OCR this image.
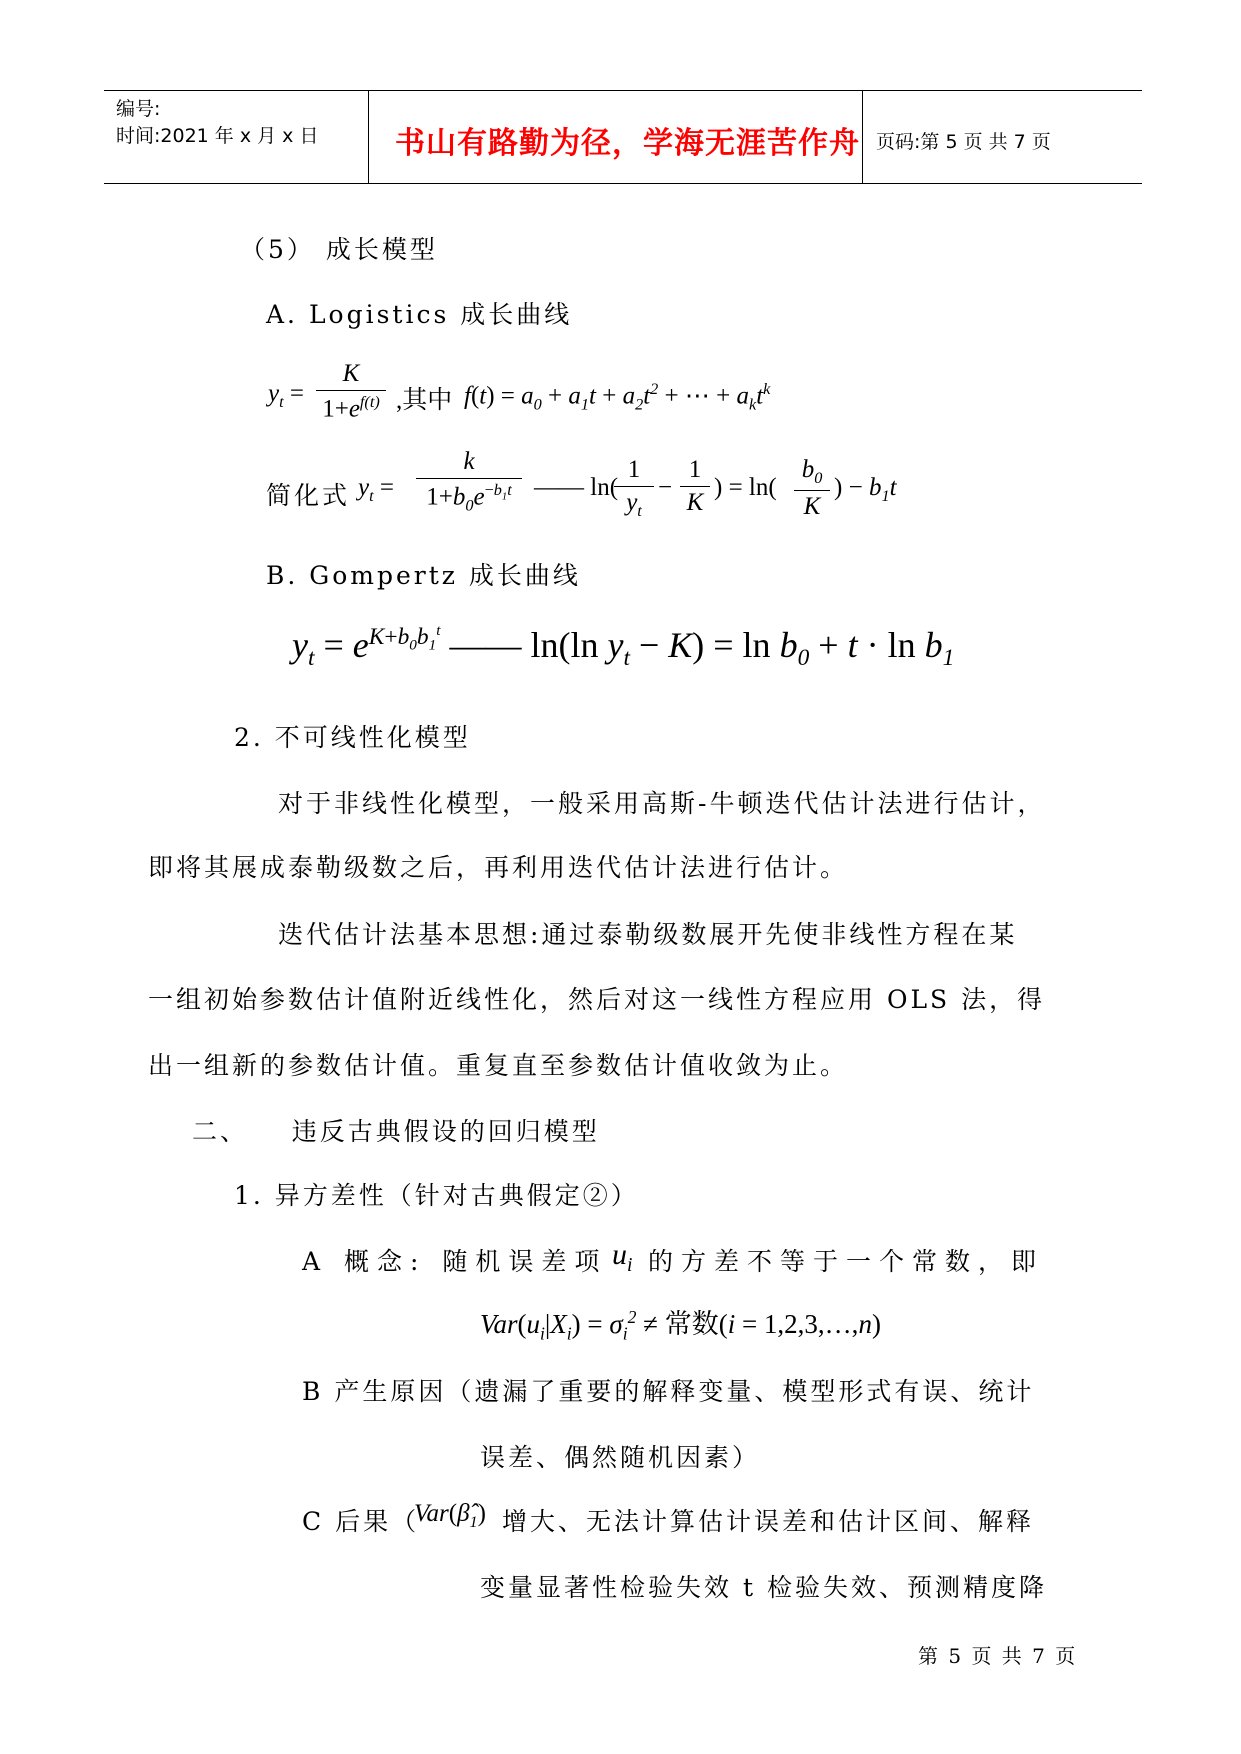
编号:
时间:2021 年 x 月 x 日	书山有路勤为径，学海无涯苦作舟 页码:第 5 页 共 7 页
（5） 成长模型
A. Logistics 成长曲线
$y_t$ =
K
$1+e^{f(t)}$ ,其中 $f(t) = a_0 + a_1t + a_2t^2$ + ⋯ + $a_kt^k$
简化式 $y_t$ =
k
$1+b_0e^{-b_1t}$ —— ln(
1
$y_t$
−
1
K
) = ln(
$b_0$
K
) − $b_1t$
B. Gompertz 成长曲线
$y_t = e^{K+b_0b_1^t}$ —— ln(ln $y_t - K) = \ln b_0 + t \cdot \ln b_1$
2. 不可线性化模型
对于非线性化模型，一般采用高斯-牛顿迭代估计法进行估计，
即将其展成泰勒级数之后，再利用迭代估计法进行估计。
迭代估计法基本思想:通过泰勒级数展开先使非线性方程在某
一组初始参数估计值附近线性化，然后对这一线性方程应用 OLS 法，得
出一组新的参数估计值。重复直至参数估计值收敛为止。
二、    违反古典假设的回归模型
1. 异方差性（针对古典假定②）
A 概念: 随机误差项 $u_i$ 的方差不等于一个常数，即
$Var(u_i|X_i) = \sigma_i^2$ ≠ 常数(i = 1,2,3,…,n)
B 产生原因（遗漏了重要的解释变量、模型形式有误、统计
误差、偶然随机因素）
C 后果（
$Var(\betâ_1)$ 增大、无法计算估计误差和估计区间、解释
变量显著性检验失效 t 检验失效、预测精度降
第 5 页 共 7 页
